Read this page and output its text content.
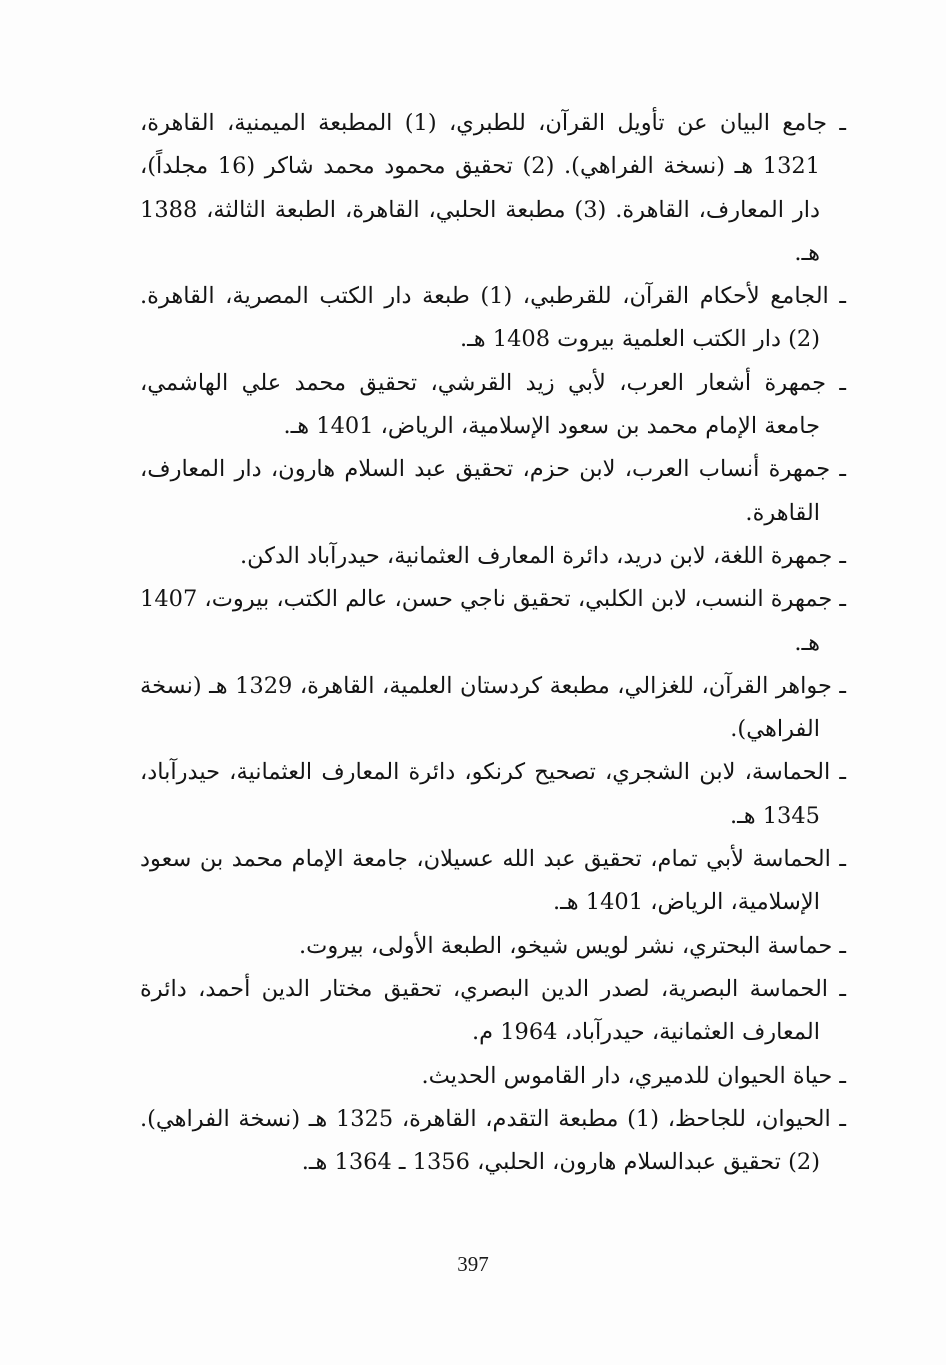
ـ جامع البيان عن تأويل القرآن، للطبري، (1) المطبعة الميمنية، القاهرة، 1321 هـ (نسخة الفراهي). (2) تحقيق محمود محمد شاكر (16 مجلداً)، دار المعارف، القاهرة. (3) مطبعة الحلبي، القاهرة، الطبعة الثالثة، 1388 هـ.

ـ الجامع لأحكام القرآن، للقرطبي، (1) طبعة دار الكتب المصرية، القاهرة. (2) دار الكتب العلمية بيروت 1408 هـ.

ـ جمهرة أشعار العرب، لأبي زيد القرشي، تحقيق محمد علي الهاشمي، جامعة الإمام محمد بن سعود الإسلامية، الرياض، 1401 هـ.

ـ جمهرة أنساب العرب، لابن حزم، تحقيق عبد السلام هارون، دار المعارف، القاهرة.

ـ جمهرة اللغة، لابن دريد، دائرة المعارف العثمانية، حيدرآباد الدكن.

ـ جمهرة النسب، لابن الكلبي، تحقيق ناجي حسن، عالم الكتب، بيروت، 1407 هـ.

ـ جواهر القرآن، للغزالي، مطبعة كردستان العلمية، القاهرة، 1329 هـ (نسخة الفراهي).

ـ الحماسة، لابن الشجري، تصحيح كرنكو، دائرة المعارف العثمانية، حيدرآباد، 1345 هـ.

ـ الحماسة لأبي تمام، تحقيق عبد الله عسيلان، جامعة الإمام محمد بن سعود الإسلامية، الرياض، 1401 هـ.

ـ حماسة البحتري، نشر لويس شيخو، الطبعة الأولى، بيروت.

ـ الحماسة البصرية، لصدر الدين البصري، تحقيق مختار الدين أحمد، دائرة المعارف العثمانية، حيدرآباد، 1964 م.

ـ حياة الحيوان للدميري، دار القاموس الحديث.

ـ الحيوان، للجاحظ، (1) مطبعة التقدم، القاهرة، 1325 هـ (نسخة الفراهي). (2) تحقيق عبدالسلام هارون، الحلبي، 1356 ـ 1364 هـ.

397
